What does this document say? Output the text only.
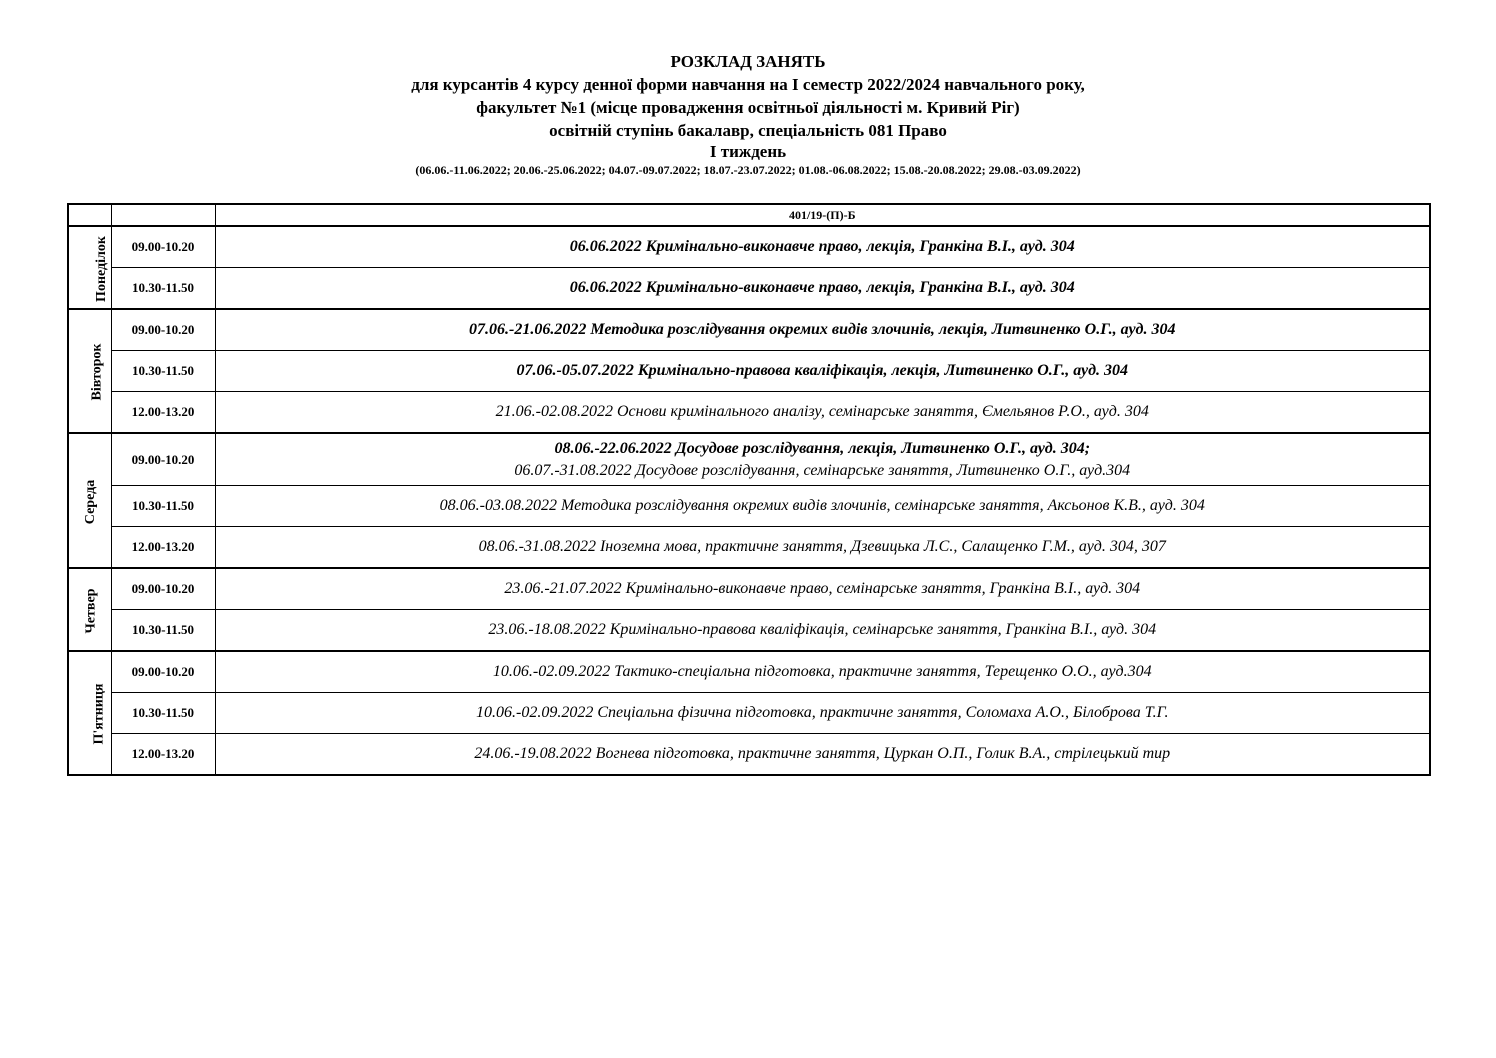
РОЗКЛАД ЗАНЯТЬ
для курсантів 4 курсу денної форми навчання на І семестр 2022/2024 навчального року,
факультет №1 (місце провадження освітньої діяльності м. Кривий Ріг)
освітній ступінь бакалавр, спеціальність 081 Право
І тиждень
(06.06.-11.06.2022; 20.06.-25.06.2022; 04.07.-09.07.2022; 18.07.-23.07.2022; 01.08.-06.08.2022; 15.08.-20.08.2022; 29.08.-03.09.2022)
		401/19-(П)-Б
Понеділок	09.00-10.20	06.06.2022 Кримінально-виконавче право, лекція, Гранкіна В.І., ауд. 304
	10.30-11.50	06.06.2022 Кримінально-виконавче право, лекція, Гранкіна В.І., ауд. 304
Вівторок	09.00-10.20	07.06.-21.06.2022 Методика розслідування окремих видів злочинів, лекція, Литвиненко О.Г., ауд. 304
	10.30-11.50	07.06.-05.07.2022 Кримінально-правова кваліфікація, лекція, Литвиненко О.Г., ауд. 304
	12.00-13.20	21.06.-02.08.2022 Основи кримінального аналізу, семінарське заняття, Ємельянов Р.О., ауд. 304
Середа	09.00-10.20	08.06.-22.06.2022 Досудове розслідування, лекція, Литвиненко О.Г., ауд. 304;
06.07.-31.08.2022 Досудове розслідування, семінарське заняття, Литвиненко О.Г., ауд.304

	10.30-11.50	08.06.-03.08.2022 Методика розслідування окремих видів злочинів, семінарське заняття, Аксьонов К.В., ауд. 304
	12.00-13.20	08.06.-31.08.2022 Іноземна мова, практичне заняття, Дзевицька Л.С., Салащенко Г.М., ауд. 304, 307
Четвер	09.00-10.20	23.06.-21.07.2022 Кримінально-виконавче право, семінарське заняття, Гранкіна В.І., ауд. 304
	10.30-11.50	23.06.-18.08.2022 Кримінально-правова кваліфікація, семінарське заняття, Гранкіна В.І., ауд. 304
П'ятниця	09.00-10.20	10.06.-02.09.2022 Тактико-спеціальна підготовка, практичне заняття, Терещенко О.О., ауд.304
	10.30-11.50	10.06.-02.09.2022 Спеціальна фізична підготовка, практичне заняття, Соломаха А.О., Білоброва Т.Г.
	12.00-13.20	24.06.-19.08.2022 Вогнева підготовка, практичне заняття, Цуркан О.П., Голик В.А., стрілецький тир
